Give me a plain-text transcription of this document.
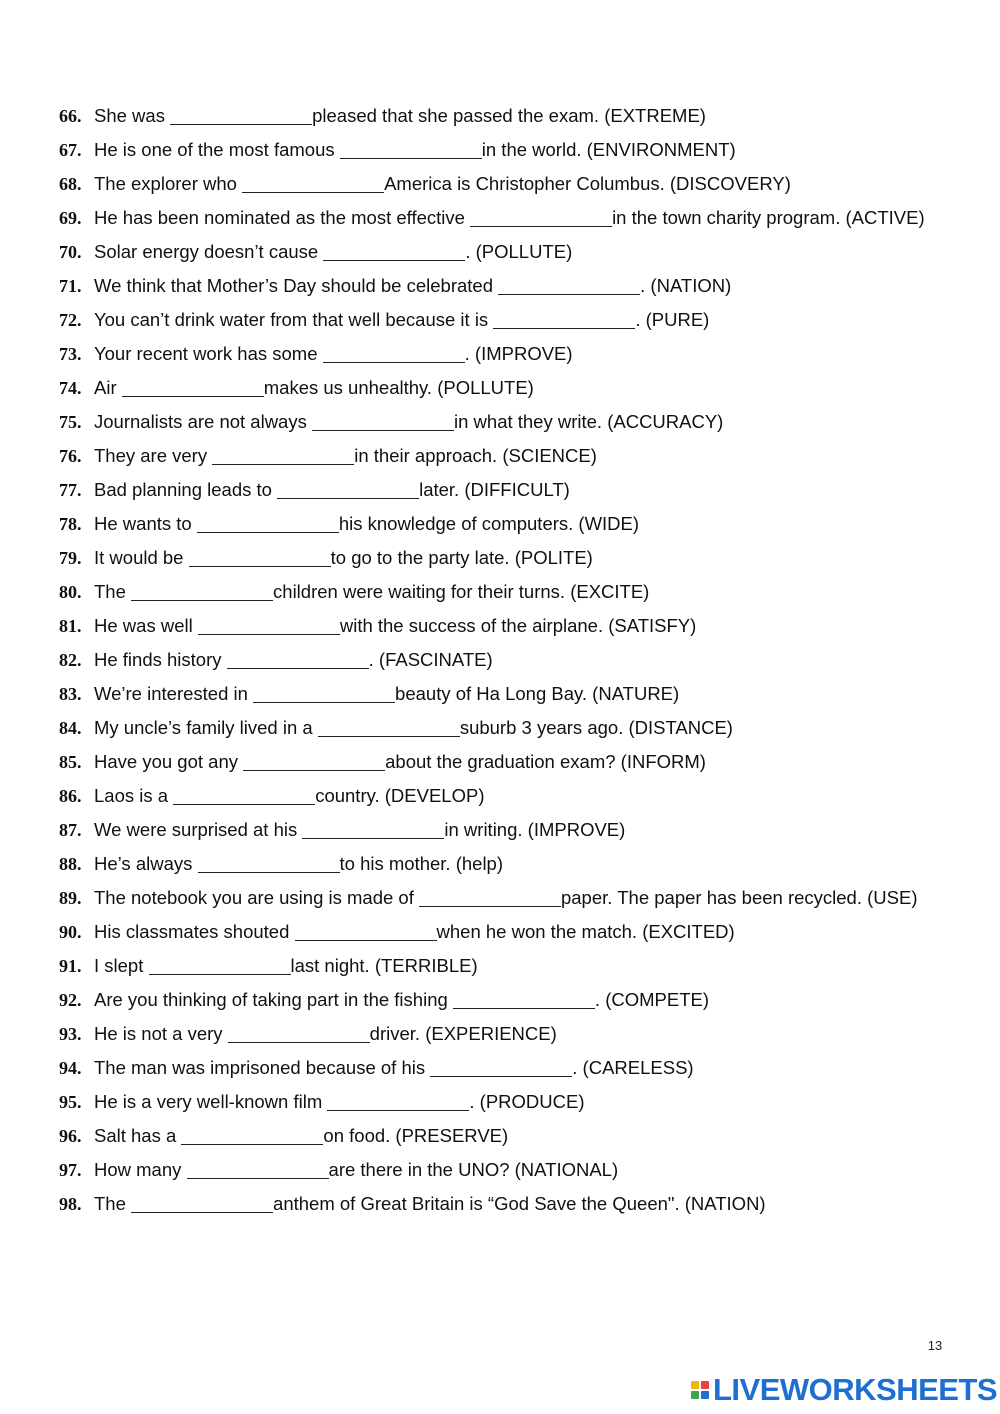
66. She was	pleased that she passed the exam. (EXTREME)
67. He is one of the most famous	in the world. (ENVIRONMENT)
68. The explorer who	America is Christopher Columbus. (DISCOVERY)
69. He has been nominated as the most effective	in the town charity program. (ACTIVE)
70. Solar energy doesn’t cause	. (POLLUTE)
71. We think that Mother’s Day should be celebrated	. (NATION)
72. You can’t drink water from that well because it is	. (PURE)
73. Your recent work has some	. (IMPROVE)
74. Air	makes us unhealthy. (POLLUTE)
75. Journalists are not always	in what they write. (ACCURACY)
76. They are very	in their approach. (SCIENCE)
77. Bad planning leads to	later. (DIFFICULT)
78. He wants to	his knowledge of computers. (WIDE)
79. It would be	to go to the party late. (POLITE)
80. The	children were waiting for their turns. (EXCITE)
81. He was well	with the success of the airplane. (SATISFY)
82. He finds history	. (FASCINATE)
83. We’re interested in	beauty of Ha Long Bay. (NATURE)
84. My uncle’s family lived in a	suburb 3 years ago. (DISTANCE)
85. Have you got any	about the graduation exam? (INFORM)
86. Laos is a	country. (DEVELOP)
87. We were surprised at his	in writing. (IMPROVE)
88. He’s always	to his mother. (help)
89. The notebook you are using is made of	paper. The paper has been recycled. (USE)
90. His classmates shouted	when he won the match. (EXCITED)
91. I slept	last night. (TERRIBLE)
92. Are you thinking of taking part in the fishing	. (COMPETE)
93. He is not a very	driver. (EXPERIENCE)
94. The man was imprisoned because of his	. (CARELESS)
95. He is a very well-known film	. (PRODUCE)
96. Salt has a	on food. (PRESERVE)
97. How many	are there in the UNO? (NATIONAL)
98. The	anthem of Great Britain is “God Save the Queen". (NATION)
13
LIVEWORKSHEETS
